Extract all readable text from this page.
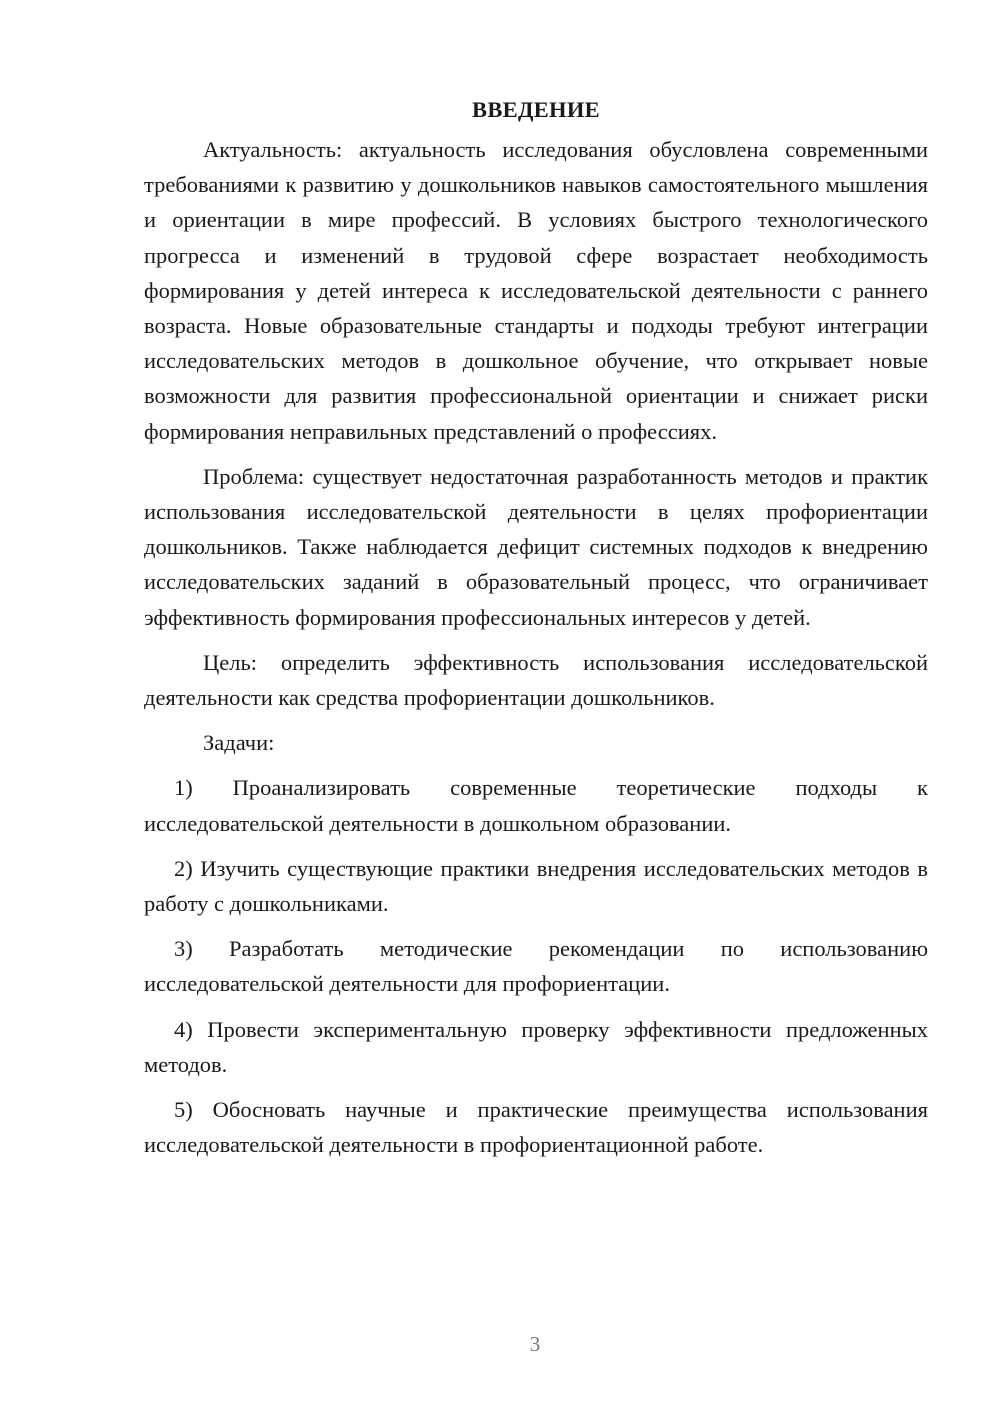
ВВЕДЕНИЕ

Актуальность: актуальность исследования обусловлена современными требованиями к развитию у дошкольников навыков самостоятельного мышления и ориентации в мире профессий. В условиях быстрого технологического прогресса и изменений в трудовой сфере возрастает необходимость формирования у детей интереса к исследовательской деятельности с раннего возраста. Новые образовательные стандарты и подходы требуют интеграции исследовательских методов в дошкольное обучение, что открывает новые возможности для развития профессиональной ориентации и снижает риски формирования неправильных представлений о профессиях.

Проблема: существует недостаточная разработанность методов и практик использования исследовательской деятельности в целях профориентации дошкольников. Также наблюдается дефицит системных подходов к внедрению исследовательских заданий в образовательный процесс, что ограничивает эффективность формирования профессиональных интересов у детей.

Цель: определить эффективность использования исследовательской деятельности как средства профориентации дошкольников.

Задачи:

1) Проанализировать современные теоретические подходы к исследовательской деятельности в дошкольном образовании.
2) Изучить существующие практики внедрения исследовательских методов в работу с дошкольниками.
3) Разработать методические рекомендации по использованию исследовательской деятельности для профориентации.
4) Провести экспериментальную проверку эффективности предложенных методов.
5) Обосновать научные и практические преимущества использования исследовательской деятельности в профориентационной работе.
3
